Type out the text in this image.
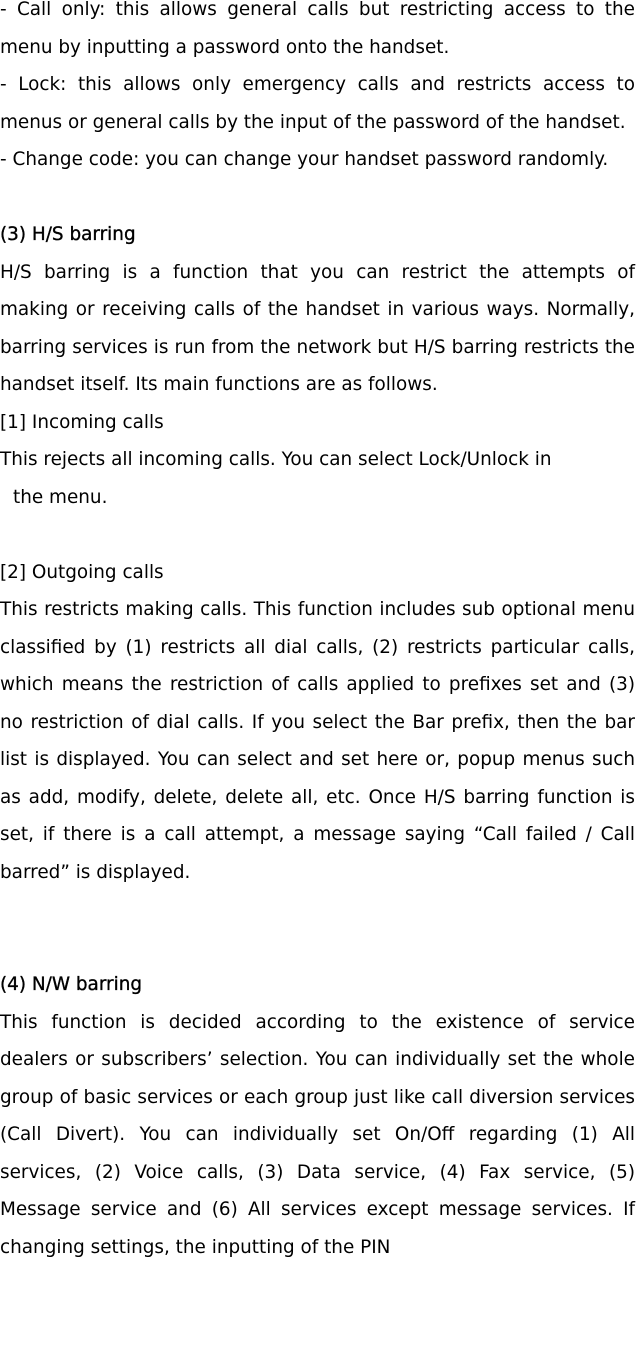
- Call only: this allows general calls but restricting access to the menu by inputting a password onto the handset.

- Lock: this allows only emergency calls and restricts access to menus or general calls by the input of the password of the handset.

- Change code: you can change your handset password randomly.

(3) H/S barring

H/S barring is a function that you can restrict the attempts of making or receiving calls of the handset in various ways. Normally, barring services is run from the network but H/S barring restricts the handset itself. Its main functions are as follows.

[1] Incoming calls

This rejects all incoming calls. You can select Lock/Unlock in

the menu.

[2] Outgoing calls

This restricts making calls. This function includes sub optional menu classified by (1) restricts all dial calls, (2) restricts particular calls, which means the restriction of calls applied to prefixes set and (3) no restriction of dial calls. If you select the Bar prefix, then the bar list is displayed. You can select and set here or, popup menus such as add, modify, delete, delete all, etc. Once H/S barring function is set, if there is a call attempt, a message saying “Call failed / Call barred” is displayed.

(4) N/W barring

This function is decided according to the existence of service dealers or subscribers’ selection. You can individually set the whole group of basic services or each group just like call diversion services (Call Divert). You can individually set On/Off regarding (1) All services, (2) Voice calls, (3) Data service, (4) Fax service, (5) Message service and (6) All services except message services. If changing settings, the inputting of the PIN
